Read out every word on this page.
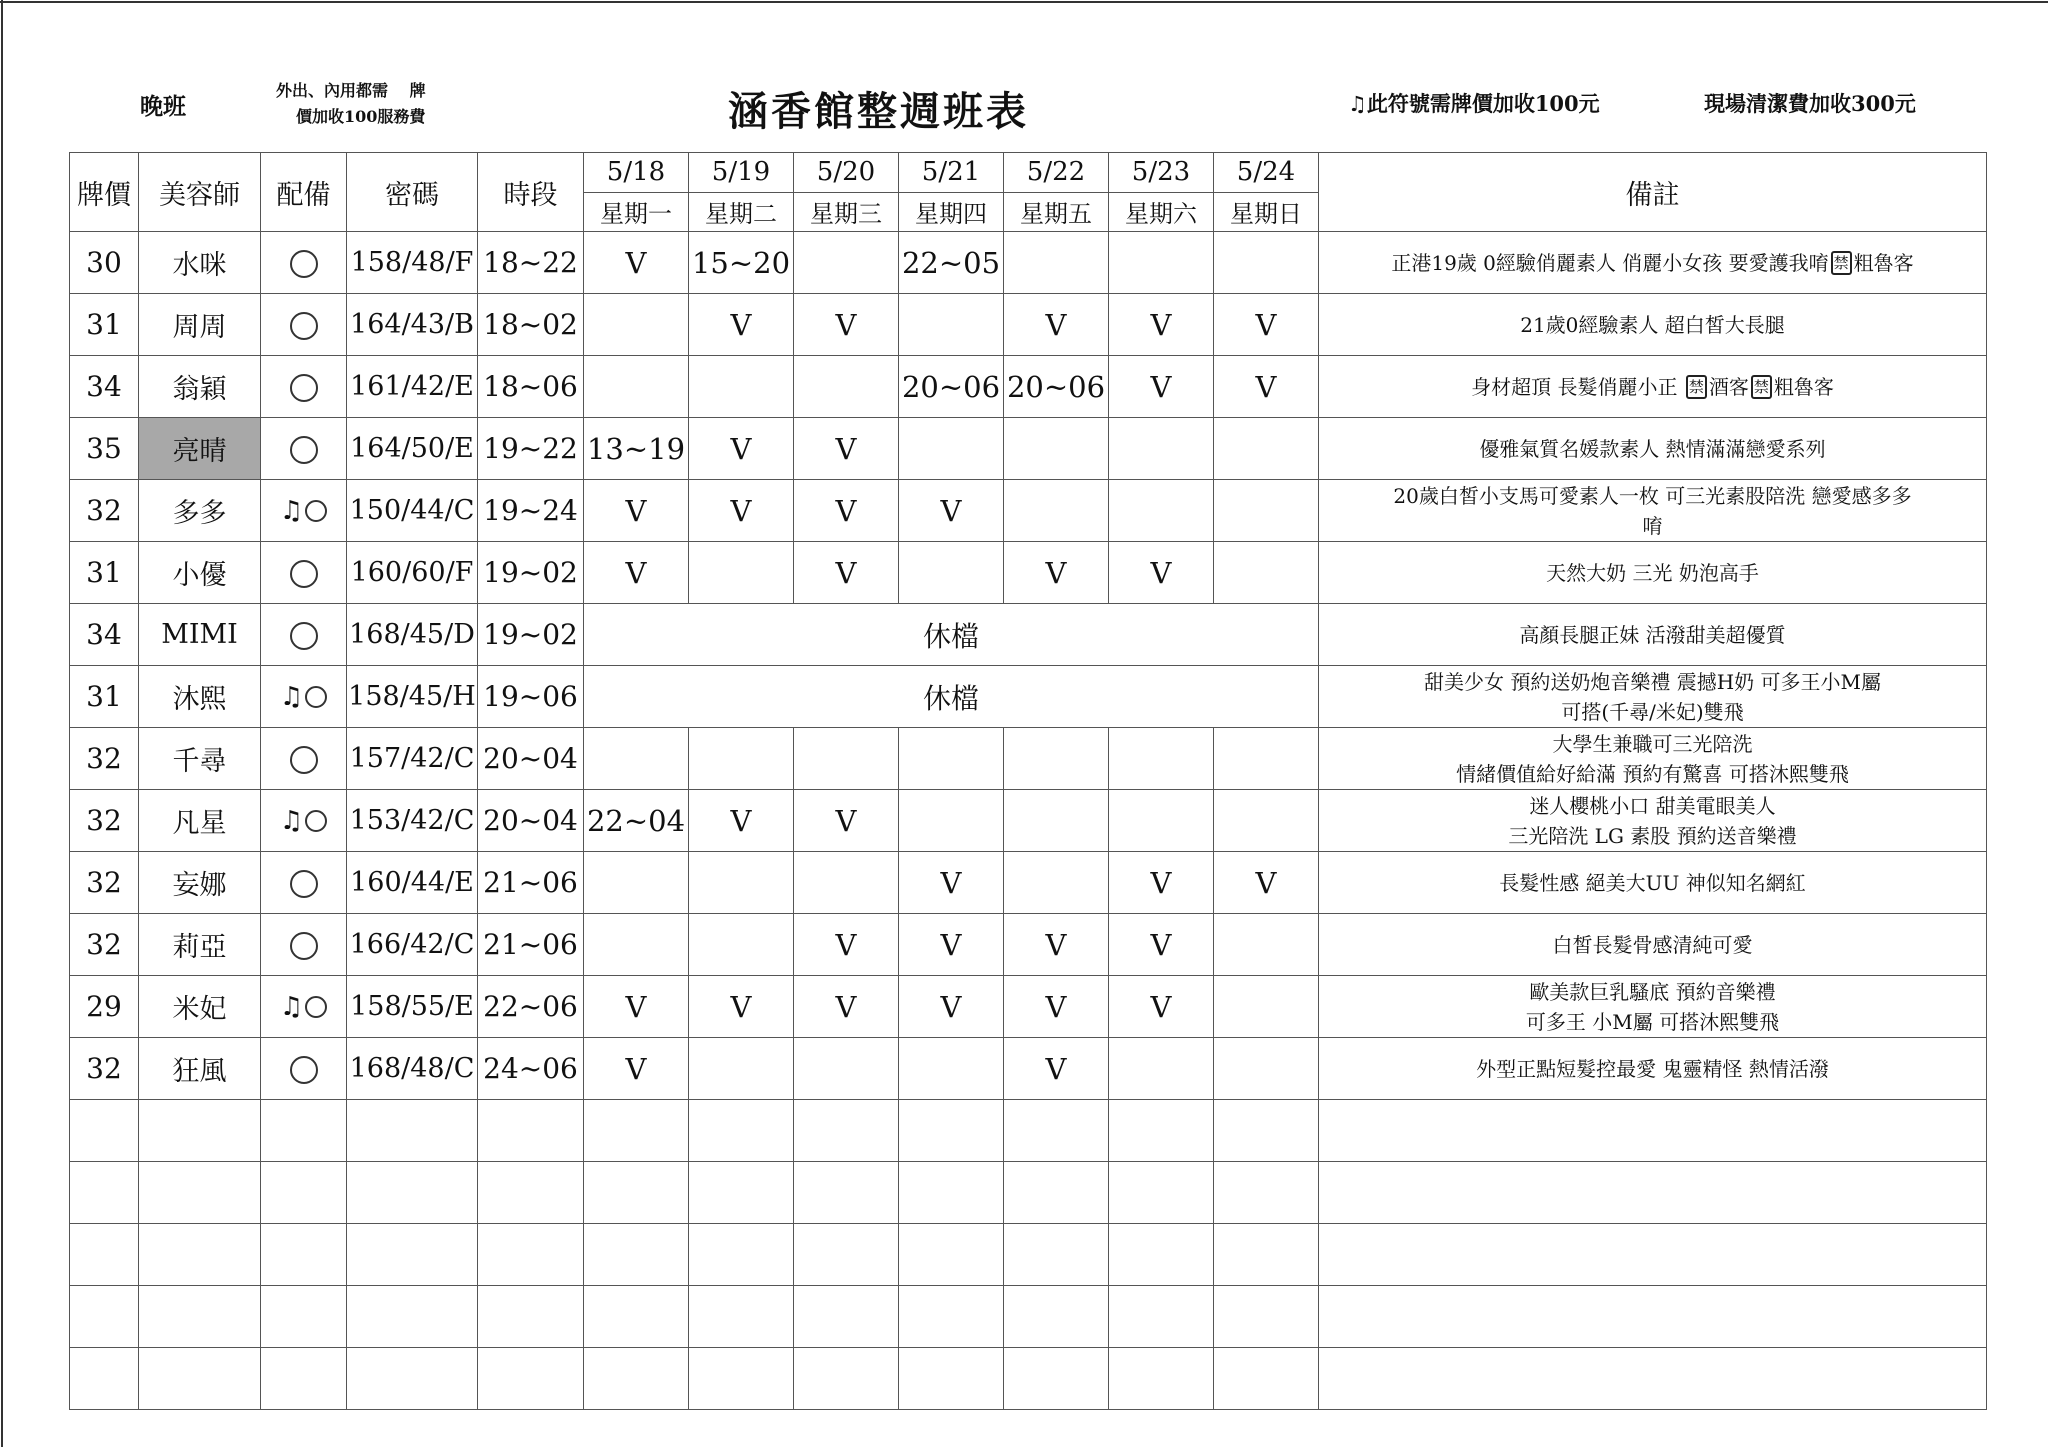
晚班
外出、內用都需　 牌
價加收100服務費	涵香館整週班表	♫此符號需牌價加收100元	現場清潔費加收300元
牌價	美容師	配備	密碼	時段	5/18	5/19	5/20	5/21	5/22	5/23	5/24	備註
					星期一	星期二	星期三	星期四	星期五	星期六	星期日	
30	水咪		158/48/F	18~22	V	15~20		22~05				正港19歲 0經驗俏麗素人 俏麗小女孩 要愛護我唷 禁 粗魯客
31	周周		164/43/B	18~02		V	V		V	V	V	21歲0經驗素人 超白皙大長腿
34	翁穎		161/42/E	18~06				20~06	20~06	V	V	身材超頂 長髮俏麗小正 禁 酒客 禁 粗魯客
35	亮晴		164/50/E	19~22	13~19	V	V					優雅氣質名媛款素人 熱情滿滿戀愛系列
32	多多	♫	150/44/C	19~24	V	V	V	V				20歲白皙小支馬可愛素人一枚 可三光素股陪洗 戀愛感多多
唷
31	小優		160/60/F	19~02	V		V		V	V		天然大奶 三光 奶泡高手
34	MIMI		168/45/D	19~02	休檔							高顏長腿正妹 活潑甜美超優質
31	沐熙	♫	158/45/H	19~06	休檔							甜美少女 預約送奶炮音樂禮 震撼H奶 可多王小M屬
可搭(千尋/米妃)雙飛
32	千尋		157/42/C	20~04								大學生兼職可三光陪洗
情緒價值給好給滿 預約有驚喜 可搭沐熙雙飛
32	凡星	♫	153/42/C	20~04	22~04	V	V					迷人櫻桃小口 甜美電眼美人
三光陪洗 LG 素股 預約送音樂禮
32	妄娜		160/44/E	21~06				V		V	V	長髮性感 絕美大UU 神似知名網紅
32	莉亞		166/42/C	21~06			V	V	V	V		白皙長髮骨感清純可愛
29	米妃	♫	158/55/E	22~06	V	V	V	V	V	V		歐美款巨乳騷底 預約音樂禮
可多王 小M屬 可搭沐熙雙飛
32	狂風		168/48/C	24~06	V				V			外型正點短髮控最愛 鬼靈精怪 熱情活潑
